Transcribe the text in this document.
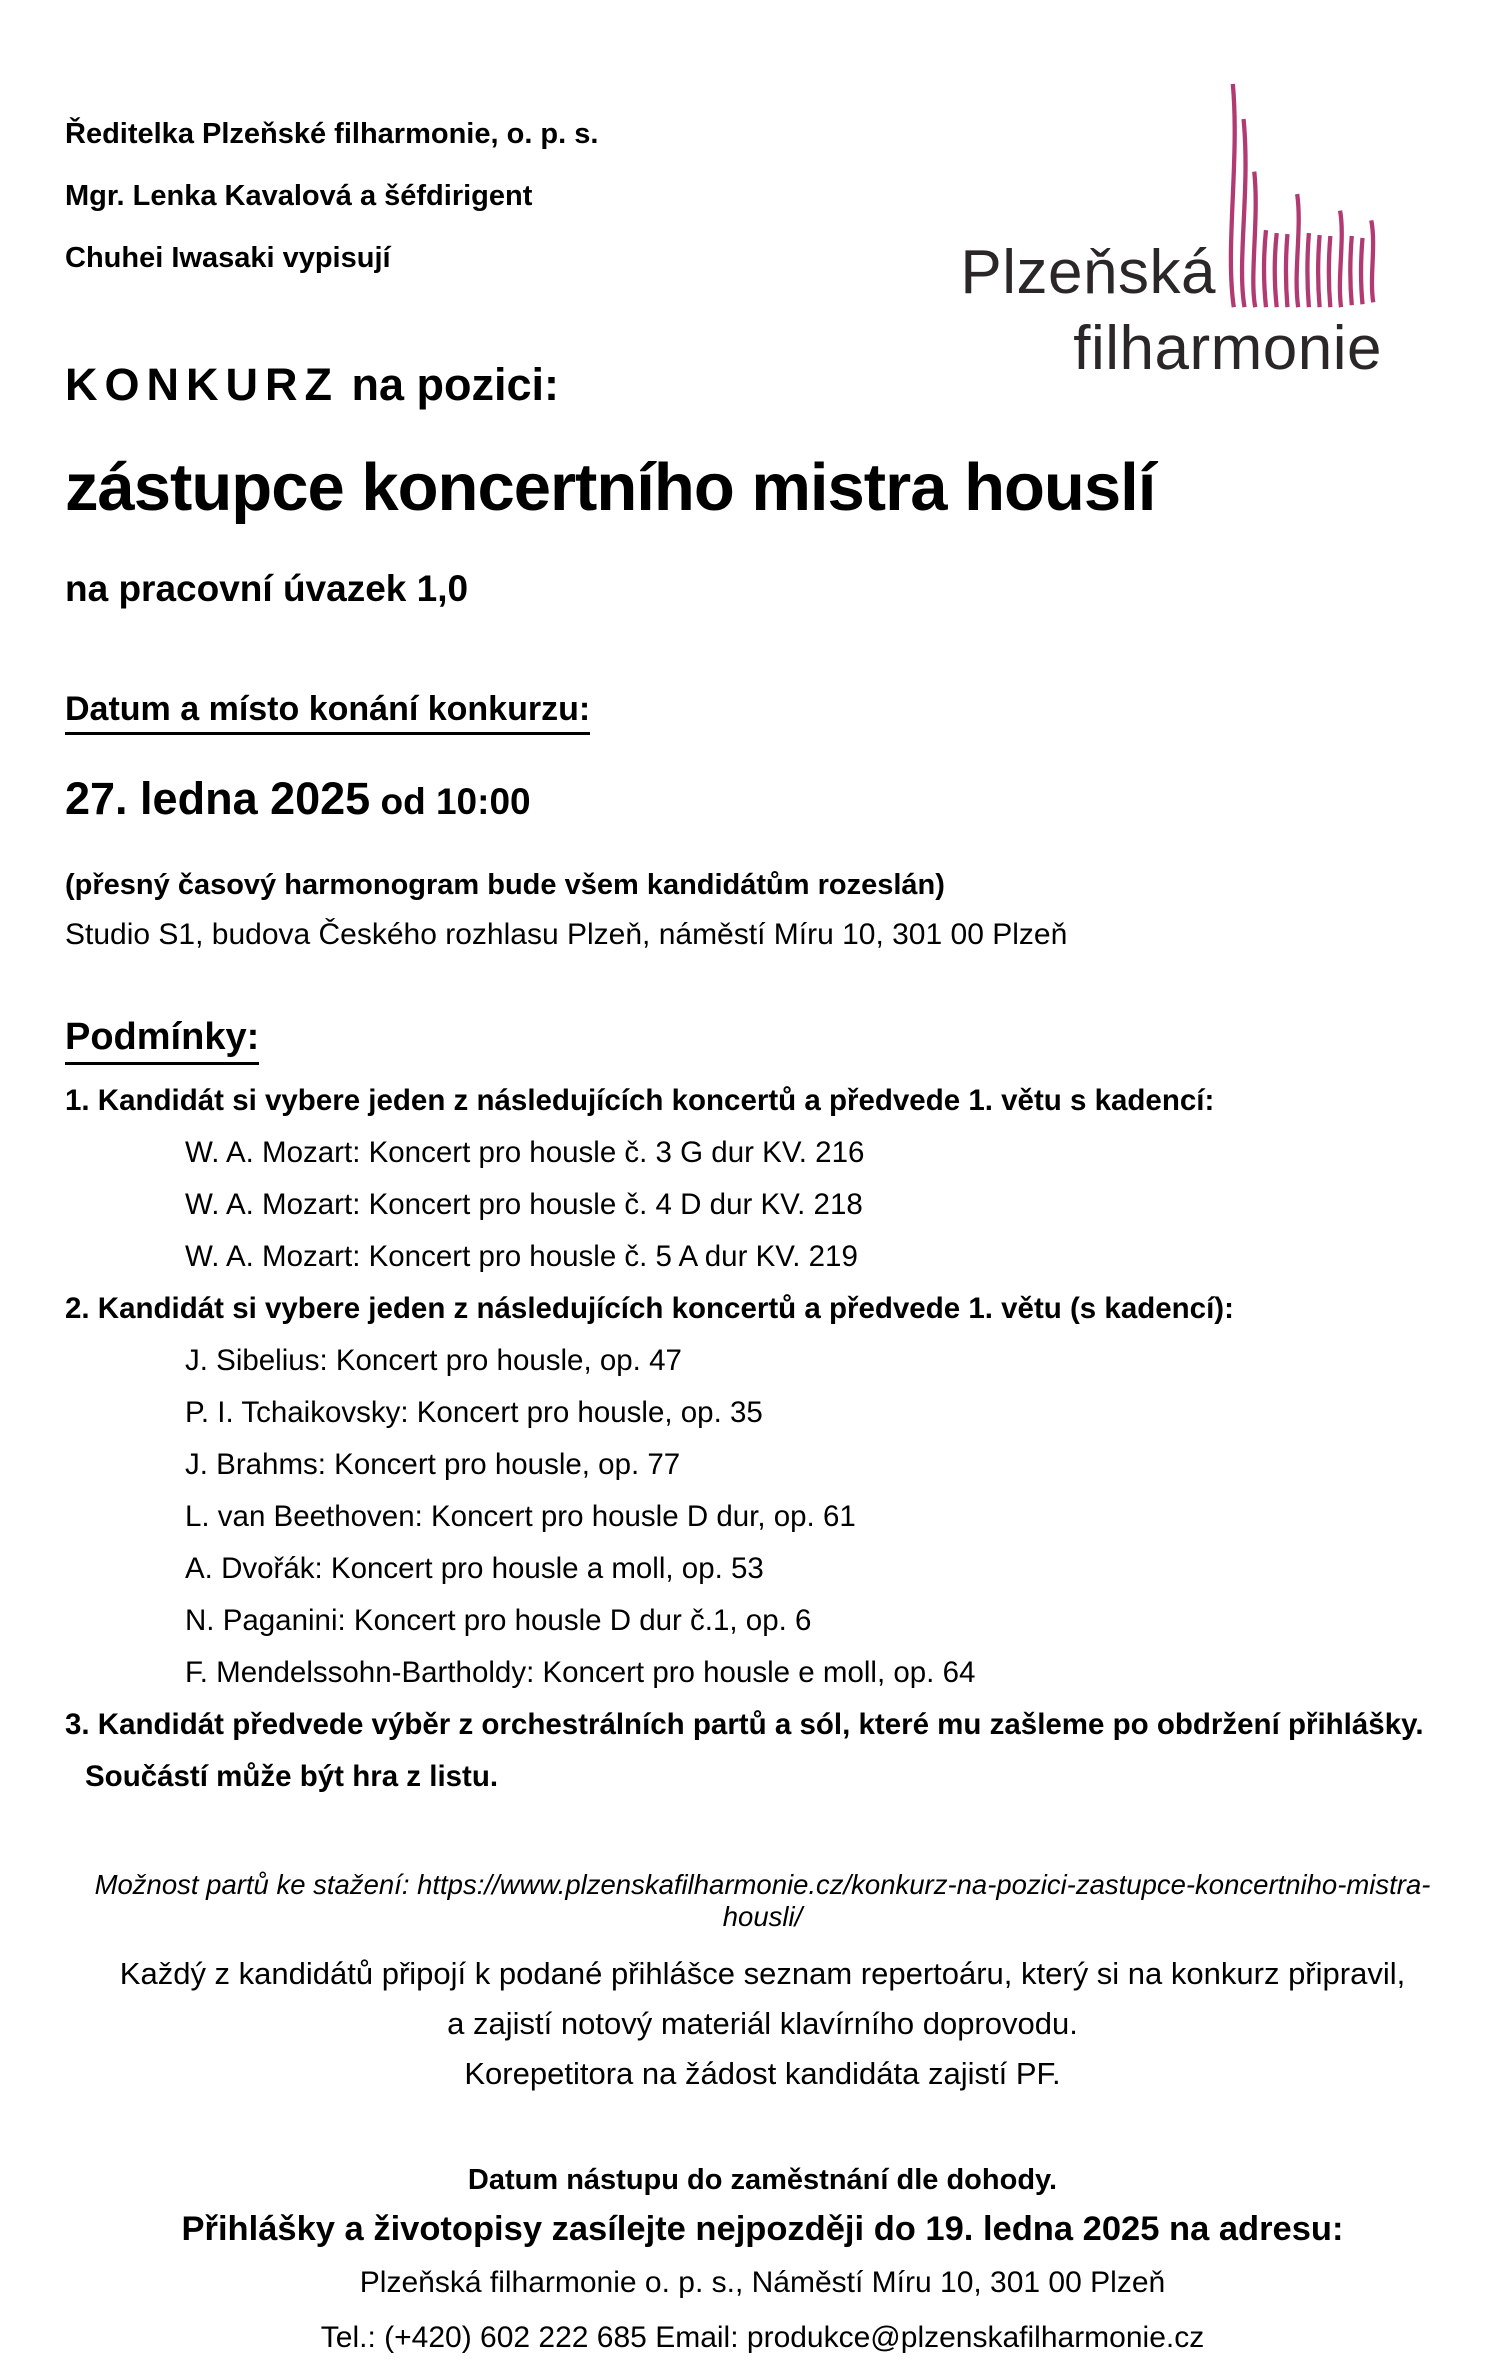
Ředitelka Plzeňské filharmonie, o. p. s.
Mgr. Lenka Kavalová a šéfdirigent
Chuhei Iwasaki vypisují	Plzeňská
filharmonie
KONKURZ na pozici:
zástupce koncertního mistra houslí
na pracovní úvazek 1,0
Datum a místo konání konkurzu:
27. ledna 2025 od 10:00
(přesný časový harmonogram bude všem kandidátům rozeslán)
Studio S1, budova Českého rozhlasu Plzeň, náměstí Míru 10, 301 00 Plzeň
Podmínky:
1. Kandidát si vybere jeden z následujících koncertů a předvede 1. větu s kadencí:
W. A. Mozart: Koncert pro housle č. 3 G dur KV. 216
W. A. Mozart: Koncert pro housle č. 4 D dur KV. 218
W. A. Mozart: Koncert pro housle č. 5 A dur KV. 219
2. Kandidát si vybere jeden z následujících koncertů a předvede 1. větu (s kadencí):
J. Sibelius: Koncert pro housle, op. 47
P. I. Tchaikovsky: Koncert pro housle, op. 35
J. Brahms: Koncert pro housle, op. 77
L. van Beethoven: Koncert pro housle D dur, op. 61
A. Dvořák: Koncert pro housle a moll, op. 53
N. Paganini: Koncert pro housle D dur č.1, op. 6
F. Mendelssohn-Bartholdy: Koncert pro housle e moll, op. 64
3. Kandidát předvede výběr z orchestrálních partů a sól, které mu zašleme po obdržení přihlášky.
Součástí může být hra z listu.
Možnost partů ke stažení: https://www.plzenskafilharmonie.cz/konkurz-na-pozici-zastupce-koncertniho-mistra-housli/
Každý z kandidátů připojí k podané přihlášce seznam repertoáru, který si na konkurz připravil,
a zajistí notový materiál klavírního doprovodu.
Korepetitora na žádost kandidáta zajistí PF.
Datum nástupu do zaměstnání dle dohody.
Přihlášky a životopisy zasílejte nejpozději do 19. ledna 2025 na adresu:
Plzeňská filharmonie o. p. s., Náměstí Míru 10, 301 00 Plzeň
Tel.: (+420) 602 222 685 Email: produkce@plzenskafilharmonie.cz
